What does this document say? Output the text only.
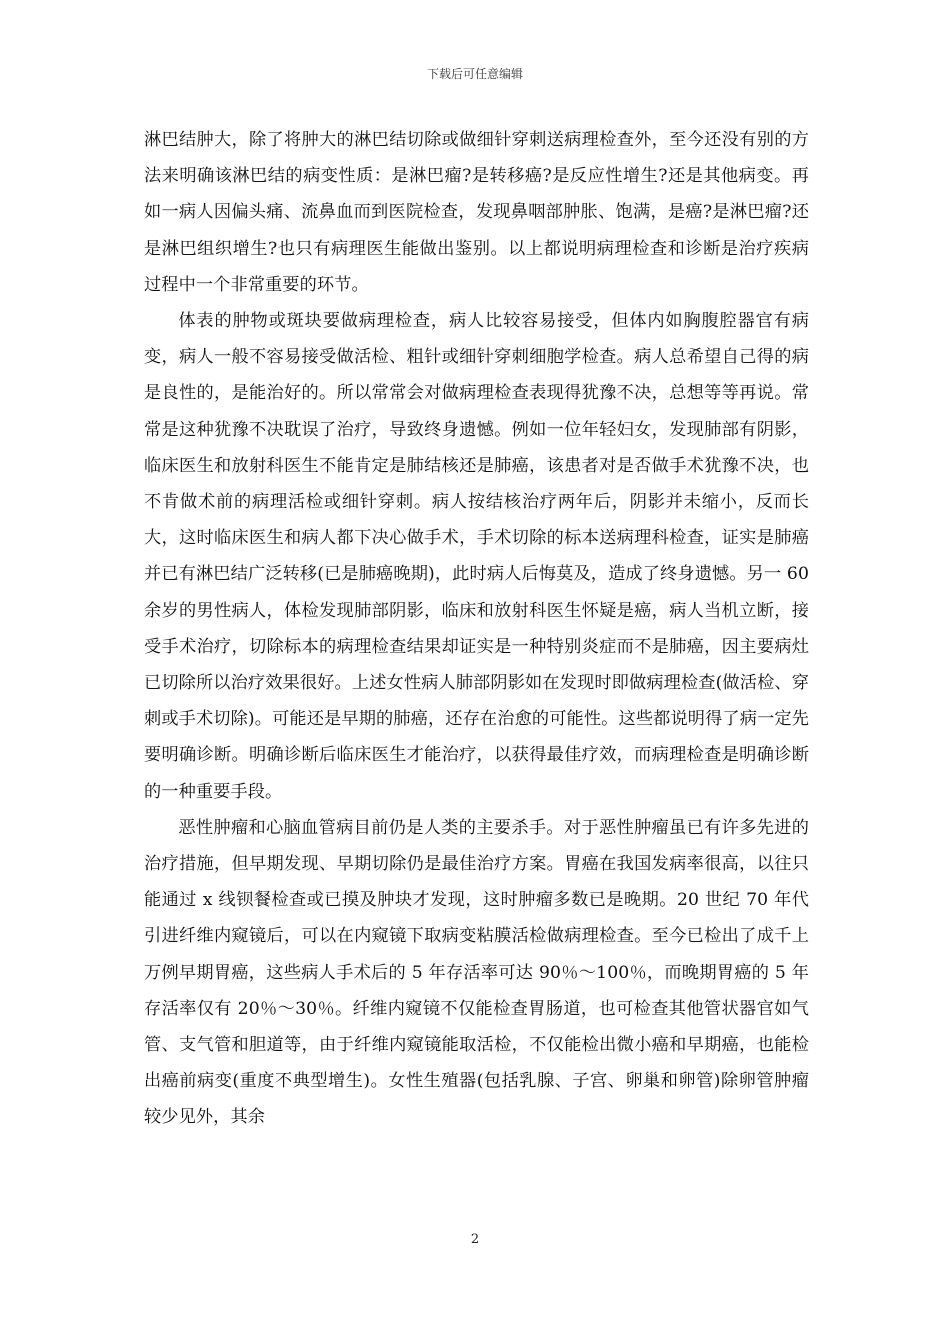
下载后可任意编辑

淋巴结肿大，除了将肿大的淋巴结切除或做细针穿刺送病理检查外，至今还没有别的方法来明确该淋巴结的病变性质：是淋巴瘤?是转移癌?是反应性增生?还是其他病变。再如一病人因偏头痛、流鼻血而到医院检查，发现鼻咽部肿胀、饱满，是癌?是淋巴瘤?还是淋巴组织增生?也只有病理医生能做出鉴别。以上都说明病理检查和诊断是治疗疾病过程中一个非常重要的环节。

体表的肿物或斑块要做病理检查，病人比较容易接受，但体内如胸腹腔器官有病变，病人一般不容易接受做活检、粗针或细针穿刺细胞学检查。病人总希望自己得的病是良性的，是能治好的。所以常常会对做病理检查表现得犹豫不决，总想等等再说。常常是这种犹豫不决耽误了治疗，导致终身遗憾。例如一位年轻妇女，发现肺部有阴影，临床医生和放射科医生不能肯定是肺结核还是肺癌，该患者对是否做手术犹豫不决，也不肯做术前的病理活检或细针穿刺。病人按结核治疗两年后，阴影并未缩小，反而长大，这时临床医生和病人都下决心做手术，手术切除的标本送病理科检查，证实是肺癌并已有淋巴结广泛转移(已是肺癌晚期)，此时病人后悔莫及，造成了终身遗憾。另一 60 余岁的男性病人，体检发现肺部阴影，临床和放射科医生怀疑是癌，病人当机立断，接受手术治疗，切除标本的病理检查结果却证实是一种特别炎症而不是肺癌，因主要病灶已切除所以治疗效果很好。上述女性病人肺部阴影如在发现时即做病理检查(做活检、穿刺或手术切除)。可能还是早期的肺癌，还存在治愈的可能性。这些都说明得了病一定先要明确诊断。明确诊断后临床医生才能治疗，以获得最佳疗效，而病理检查是明确诊断的一种重要手段。

恶性肿瘤和心脑血管病目前仍是人类的主要杀手。对于恶性肿瘤虽已有许多先进的治疗措施，但早期发现、早期切除仍是最佳治疗方案。胃癌在我国发病率很高，以往只能通过 x 线钡餐检查或已摸及肿块才发现，这时肿瘤多数已是晚期。20 世纪 70 年代引进纤维内窥镜后，可以在内窥镜下取病变粘膜活检做病理检查。至今已检出了成千上万例早期胃癌，这些病人手术后的 5 年存活率可达 90％～100％，而晚期胃癌的 5 年存活率仅有 20％～30％。纤维内窥镜不仅能检查胃肠道，也可检查其他管状器官如气管、支气管和胆道等，由于纤维内窥镜能取活检，不仅能检出微小癌和早期癌，也能检出癌前病变(重度不典型增生)。女性生殖器(包括乳腺、子宫、卵巢和卵管)除卵管肿瘤较少见外，其余

2
